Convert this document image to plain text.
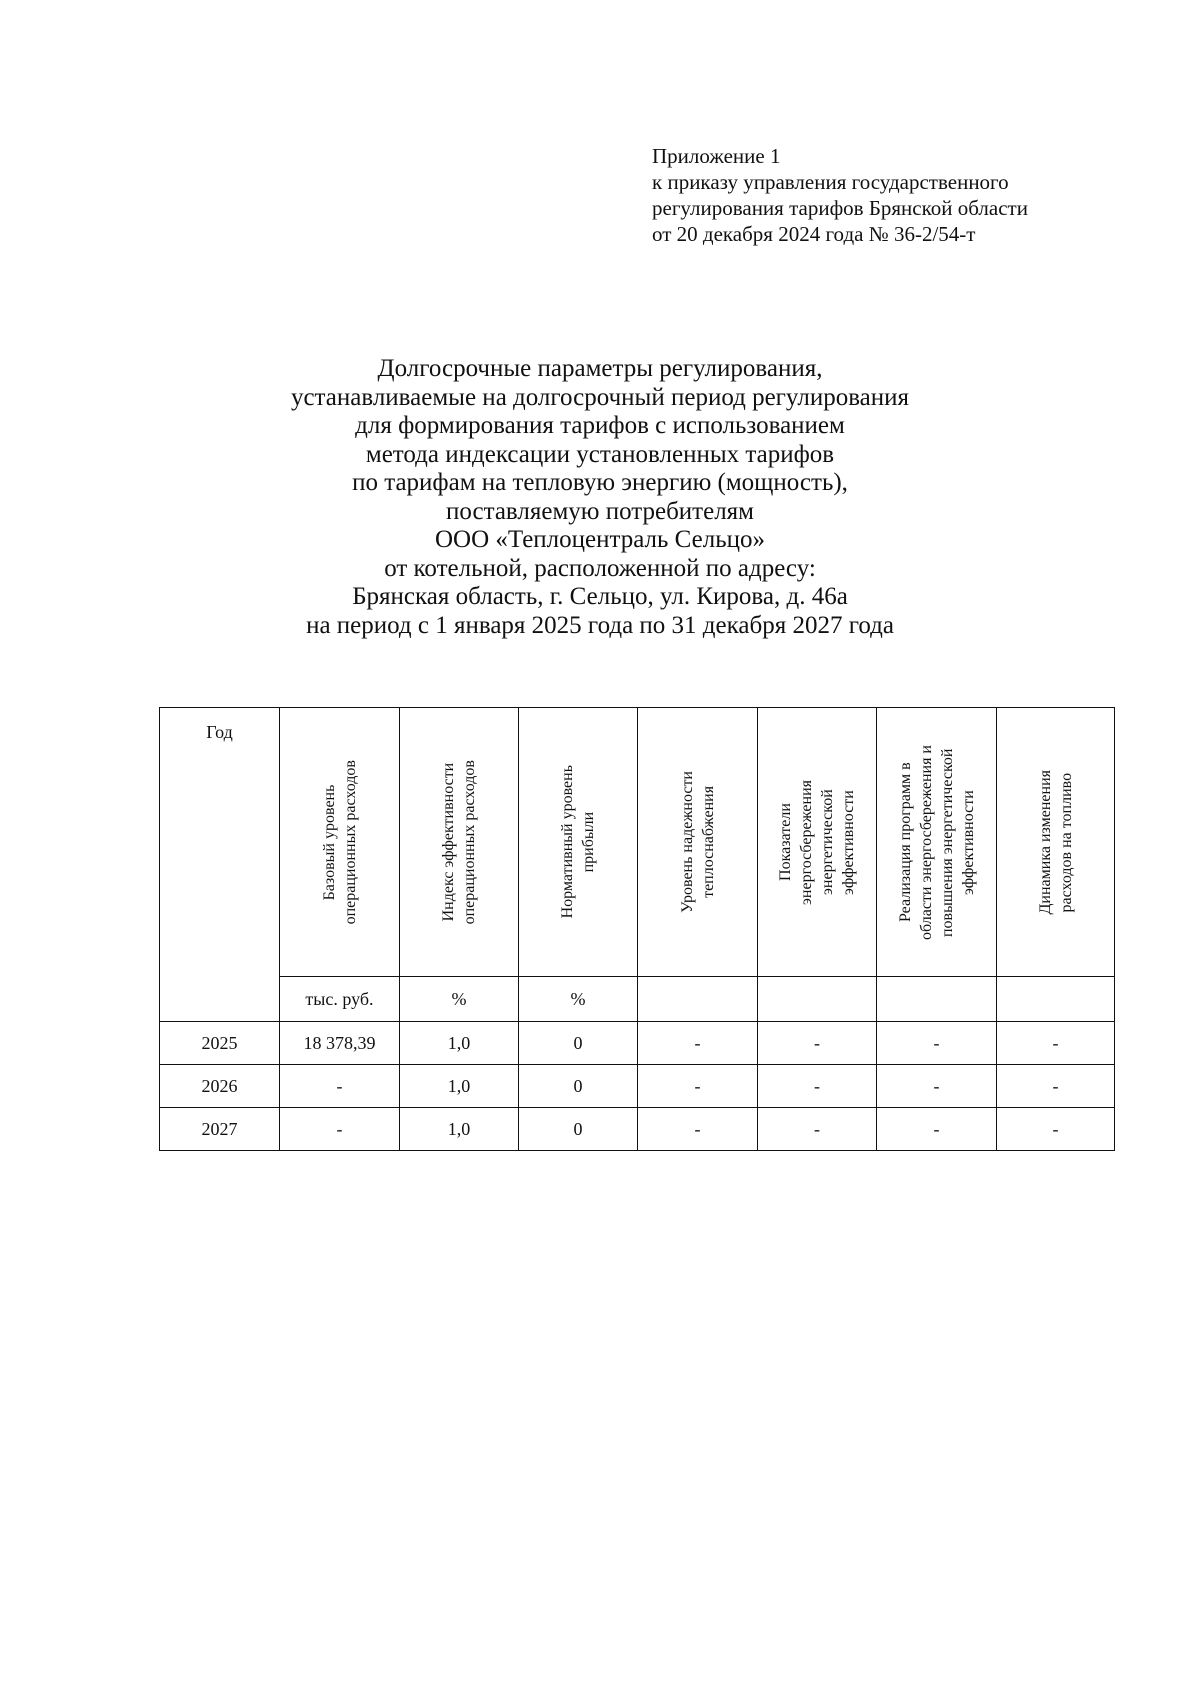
Приложение 1
к приказу управления государственного
регулирования тарифов Брянской области
от 20 декабря 2024 года № 36-2/54-т
Долгосрочные параметры регулирования,
устанавливаемые на долгосрочный период регулирования
для формирования тарифов с использованием
метода индексации установленных тарифов
по тарифам на тепловую энергию (мощность),
поставляемую потребителям
ООО «Теплоцентраль Сельцо»
от котельной, расположенной по адресу:
Брянская область, г. Сельцо, ул. Кирова, д. 46а
на период с 1 января 2025 года по 31 декабря 2027 года
Год	Базовый уровень операционных расходов	Индекс эффективности операционных расходов	Нормативный уровень прибыли	Уровень надежности теплоснабжения	Показатели энергосбережения энергетической эффективности	Реализация программ в области энергосбережения и повышения энергетической эффективности	Динамика изменения расходов на топливо

	тыс. руб.	%	%				
2025	18 378,39	1,0	0	-	-	-	-
2026	-	1,0	0	-	-	-	-
2027	-	1,0	0	-	-	-	-
